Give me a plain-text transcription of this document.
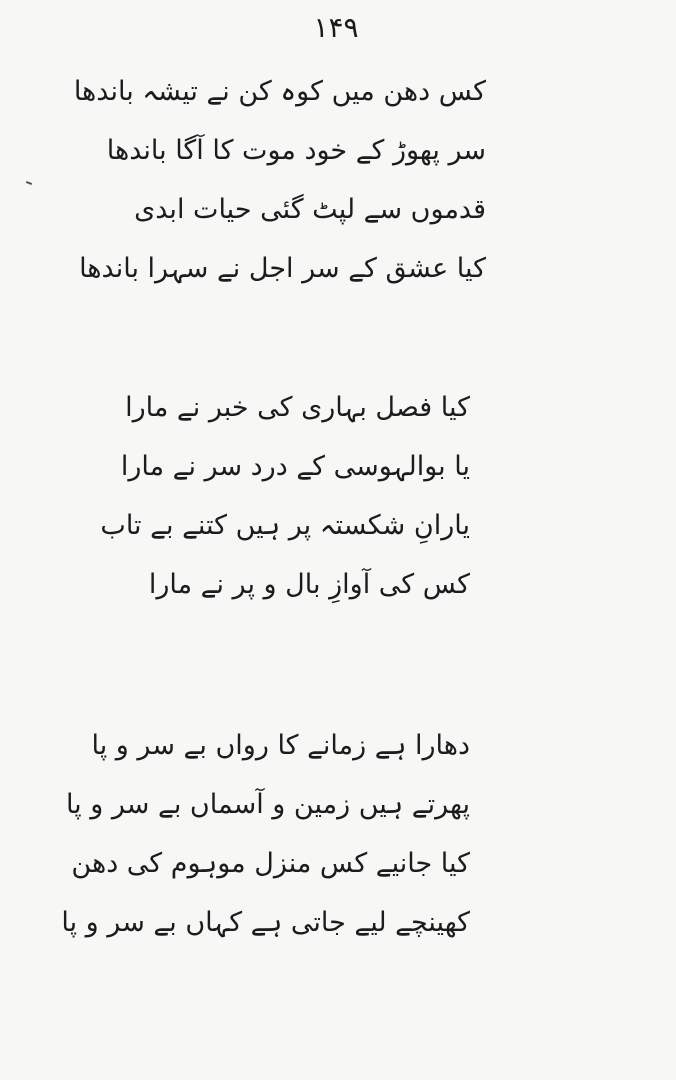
۱۴۹
کس دھن میں کوہ کن نے تیشہ باندھا
سر پھوڑ کے خود موت کا آگا باندھا
قدموں سے لپٹ گئی حیات ابدی
کیا عشق کے سر اجل نے سہرا باندھا
کیا فصل بہاری کی خبر نے مارا
یا بوالہوسی کے درد سر نے مارا
یارانِ شکستہ پر ہیں کتنے بے تاب
کس کی آوازِ بال و پر نے مارا
دھارا ہے زمانے کا رواں بے سر و پا
پھرتے ہیں زمین و آسماں بے سر و پا
کیا جانیے کس منزل موہوم کی دھن
کھینچے لیے جاتی ہے کہاں بے سر و پا
